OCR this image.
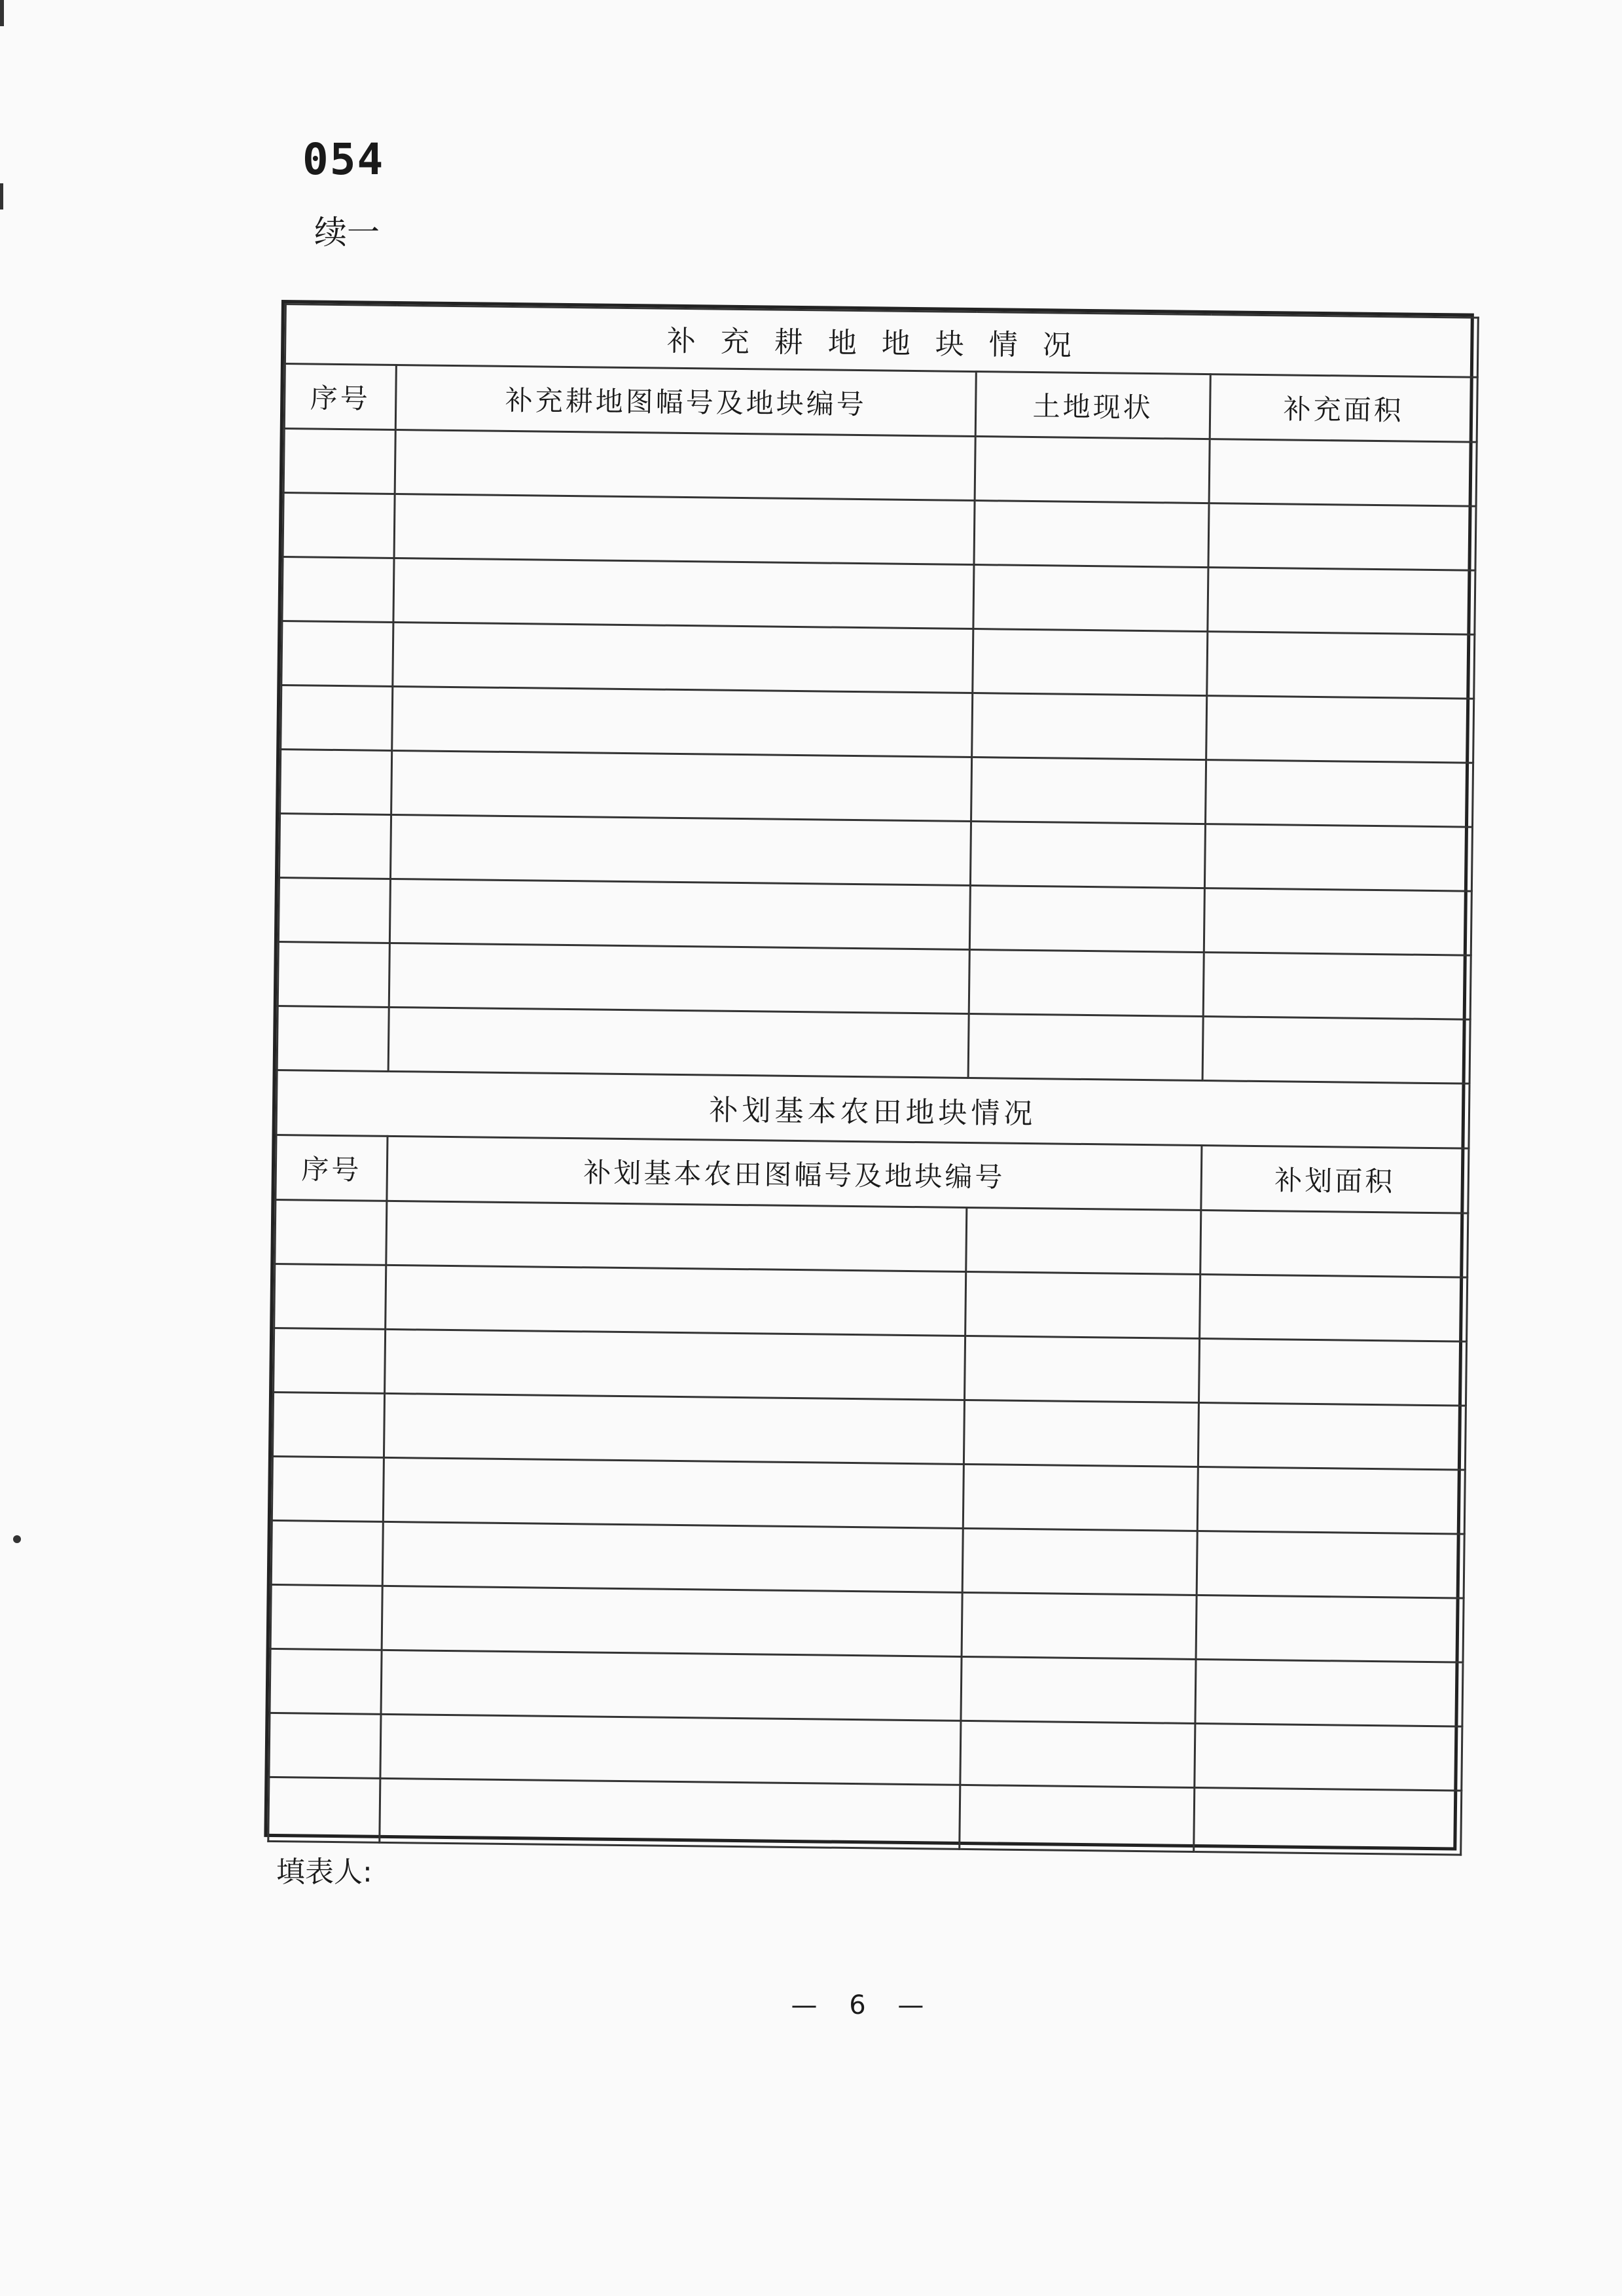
054
续一
补充耕地地块情况			
序号	补充耕地图幅号及地块编号	土地现状	补充面积

补划基本农田地块情况			
序号	补划基本农田图幅号及地块编号		补划面积

填表人:
— 6 —
